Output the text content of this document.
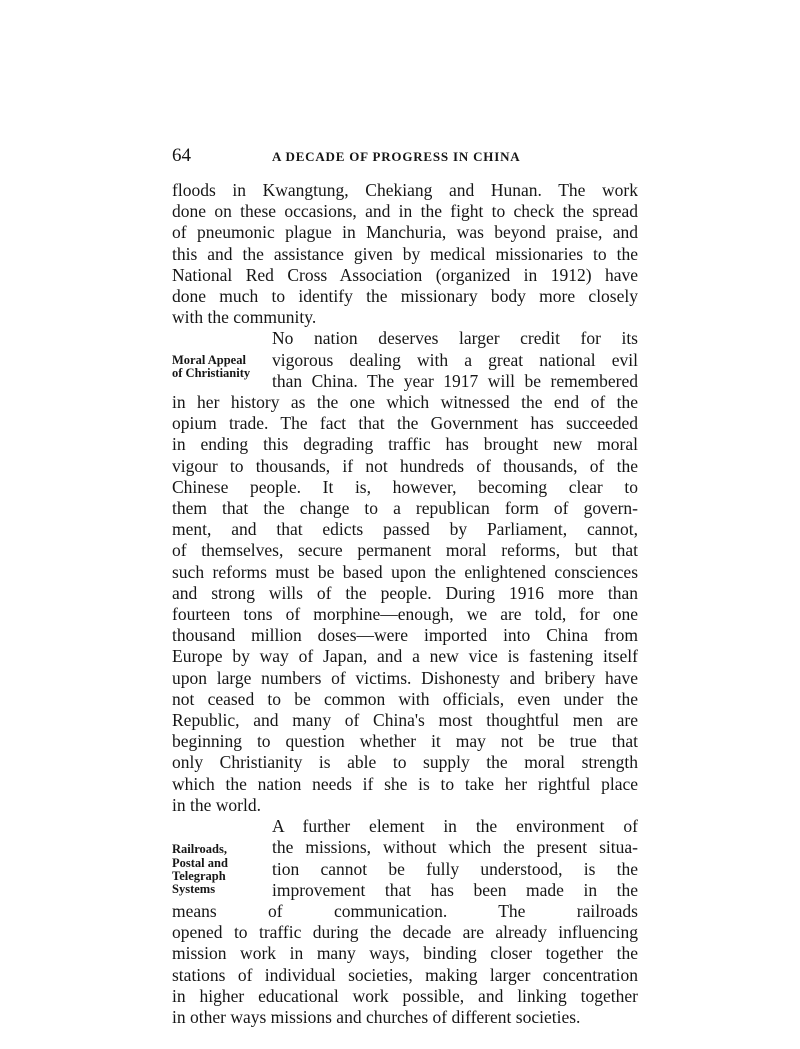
64	A DECADE OF PROGRESS IN CHINA

floods in Kwangtung, Chekiang and Hunan. The work
done on these occasions, and in the fight to check the spread
of pneumonic plague in Manchuria, was beyond praise, and
this and the assistance given by medical missionaries to the
National Red Cross Association (organized in 1912) have
done much to identify the missionary body more closely
with the community.

No nation deserves larger credit for its
Moral Appeal
of Christianity
vigorous dealing with a great national evil
than China. The year 1917 will be remembered
in her history as the one which witnessed the end of the
opium trade. The fact that the Government has succeeded
in ending this degrading traffic has brought new moral
vigour to thousands, if not hundreds of thousands, of the
Chinese people. It is, however, becoming clear to
them that the change to a republican form of govern-
ment, and that edicts passed by Parliament, cannot,
of themselves, secure permanent moral reforms, but that
such reforms must be based upon the enlightened consciences
and strong wills of the people. During 1916 more than
fourteen tons of morphine—enough, we are told, for one
thousand million doses—were imported into China from
Europe by way of Japan, and a new vice is fastening itself
upon large numbers of victims. Dishonesty and bribery have
not ceased to be common with officials, even under the
Republic, and many of China's most thoughtful men are
beginning to question whether it may not be true that
only Christianity is able to supply the moral strength
which the nation needs if she is to take her rightful place
in the world.

A further element in the environment of
Railroads,
Postal and
Telegraph
Systems
the missions, without which the present situa-
tion cannot be fully understood, is the
improvement that has been made in the
means of communication. The railroads
opened to traffic during the decade are already influencing
mission work in many ways, binding closer together the
stations of individual societies, making larger concentration
in higher educational work possible, and linking together
in other ways missions and churches of different societies.
